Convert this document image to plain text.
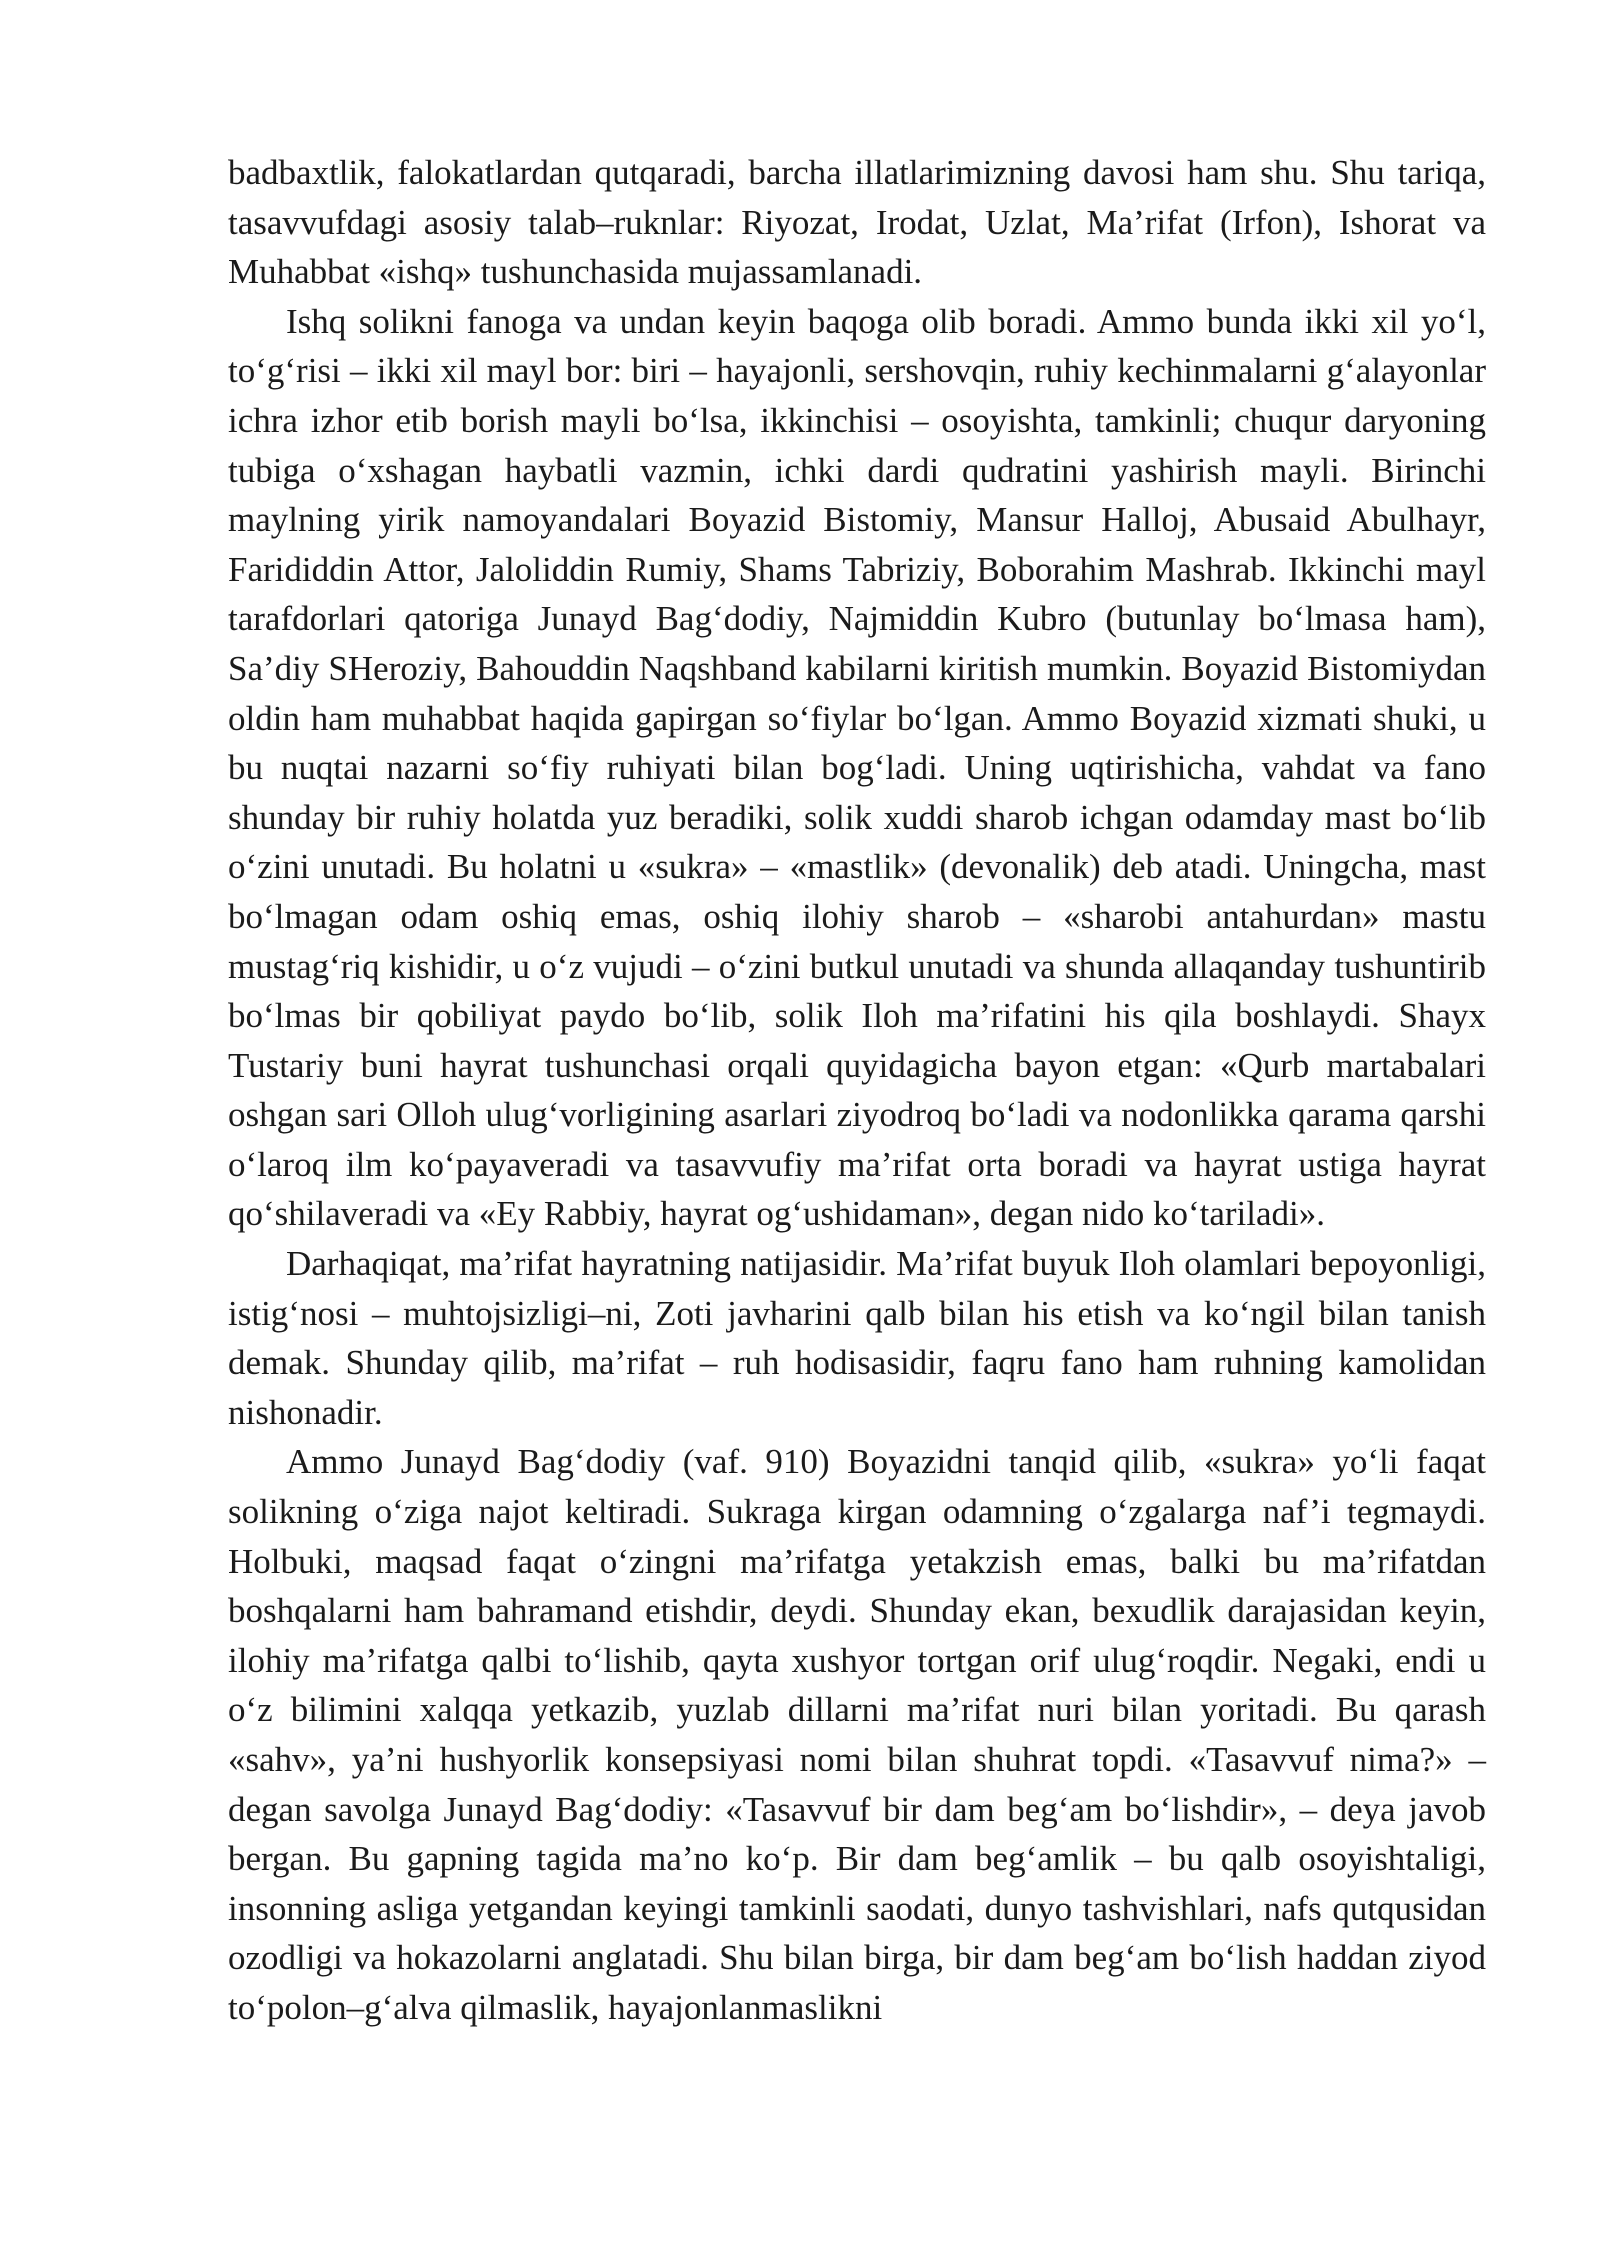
badbaxtlik, falokatlardan qutqaradi, barcha illatlarimizning davosi ham shu. Shu tariqa, tasavvufdagi asosiy talab–ruknlar: Riyozat, Irodat, Uzlat, Ma’rifat (Irfon), Ishorat va Muhabbat «ishq» tushunchasida mujassamlanadi.

Ishq solikni fanoga va undan keyin baqoga olib boradi. Ammo bunda ikki xil yo‘l, to‘g‘risi – ikki xil mayl bor: biri – hayajonli, sershovqin, ruhiy kechinmalarni g‘alayonlar ichra izhor etib borish mayli bo‘lsa, ikkinchisi – osoyishta, tamkinli; chuqur daryoning tubiga o‘xshagan haybatli vazmin, ichki dardi qudratini yashirish mayli. Birinchi maylning yirik namoyandalari Boyazid Bistomiy, Mansur Halloj, Abusaid Abulhayr, Farididdin Attor, Jaloliddin Rumiy, Shams Tabriziy, Boborahim Mashrab. Ikkinchi mayl tarafdorlari qatoriga Junayd Bag‘dodiy, Najmiddin Kubro (butunlay bo‘lmasa ham), Sa’diy SHeroziy, Bahouddin Naqshband kabilarni kiritish mumkin. Boyazid Bistomiydan oldin ham muhabbat haqida gapirgan so‘fiylar bo‘lgan. Ammo Boyazid xizmati shuki, u bu nuqtai nazarni so‘fiy ruhiyati bilan bog‘ladi. Uning uqtirishicha, vahdat va fano shunday bir ruhiy holatda yuz beradiki, solik xuddi sharob ichgan odamday mast bo‘lib o‘zini unutadi. Bu holatni u «sukra» – «mastlik» (devonalik) deb atadi. Uningcha, mast bo‘lmagan odam oshiq emas, oshiq ilohiy sharob – «sharobi antahurdan» mastu mustag‘riq kishidir, u o‘z vujudi – o‘zini butkul unutadi va shunda allaqanday tushuntirib bo‘lmas bir qobiliyat paydo bo‘lib, solik Iloh ma’rifatini his qila boshlaydi. Shayx Tustariy buni hayrat tushunchasi orqali quyidagicha bayon etgan: «Qurb martabalari oshgan sari Olloh ulug‘vorligining asarlari ziyodroq bo‘ladi va nodonlikka qarama qarshi o‘laroq ilm ko‘payaveradi va tasavvufiy ma’rifat orta boradi va hayrat ustiga hayrat qo‘shilaveradi va «Ey Rabbiy, hayrat og‘ushidaman», degan nido ko‘tariladi».

Darhaqiqat, ma’rifat hayratning natijasidir. Ma’rifat buyuk Iloh olamlari bepoyonligi, istig‘nosi – muhtojsizligi–ni, Zoti javharini qalb bilan his etish va ko‘ngil bilan tanish demak. Shunday qilib, ma’rifat – ruh hodisasidir, faqru fano ham ruhning kamolidan nishonadir.

Ammo Junayd Bag‘dodiy (vaf. 910) Boyazidni tanqid qilib, «sukra» yo‘li faqat solikning o‘ziga najot keltiradi. Sukraga kirgan odamning o‘zgalarga naf’i tegmaydi. Holbuki, maqsad faqat o‘zingni ma’rifatga yetakzish emas, balki bu ma’rifatdan boshqalarni ham bahramand etishdir, deydi. Shunday ekan, bexudlik darajasidan keyin, ilohiy ma’rifatga qalbi to‘lishib, qayta xushyor tortgan orif ulug‘roqdir. Negaki, endi u o‘z bilimini xalqqa yetkazib, yuzlab dillarni ma’rifat nuri bilan yoritadi. Bu qarash «sahv», ya’ni hushyorlik konsepsiyasi nomi bilan shuhrat topdi. «Tasavvuf nima?» – degan savolga Junayd Bag‘dodiy: «Tasavvuf bir dam beg‘am bo‘lishdir», – deya javob bergan. Bu gapning tagida ma’no ko‘p. Bir dam beg‘amlik – bu qalb osoyishtaligi, insonning asliga yetgandan keyingi tamkinli saodati, dunyo tashvishlari, nafs qutqusidan ozodligi va hokazolarni anglatadi. Shu bilan birga, bir dam beg‘am bo‘lish haddan ziyod to‘polon–g‘alva qilmaslik, hayajonlanmaslikni
